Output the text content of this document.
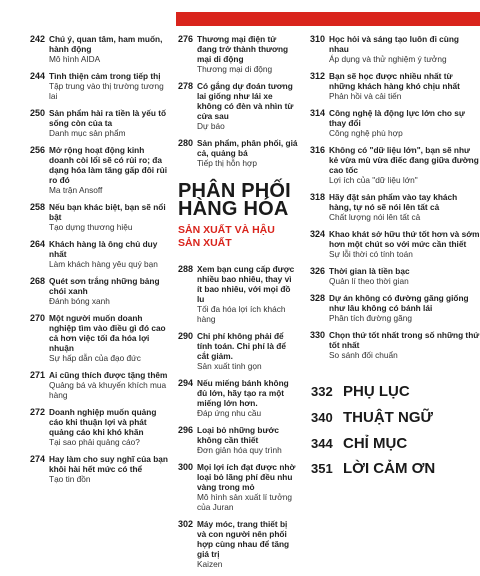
242 Chú ý, quan tâm, ham muốn, hành động
Mô hình AIDA
244 Tình thiện cảm trong tiếp thị
Tập trung vào thị trường tương lai
250 Sản phẩm hài ra tiền là yếu tố sống còn của ta
Danh mục sản phẩm
256 Mở rộng hoạt động kinh doanh còi lổi sẽ có rủi ro; đa dạng hóa làm tăng gấp đôi rủi ro đó
Ma trận Ansoff
258 Nếu bạn khác biệt, bạn sẽ nổi bật
Tạo dựng thương hiệu
264 Khách hàng là ông chủ duy nhất
Làm khách hàng yêu quý bạn
268 Quét sơn trắng những bảng chói xanh
Đánh bóng xanh
270 Một người muốn doanh nghiệp tìm vào điều gì đó cao cả hơn việc tối đa hóa lợi nhuận
Sự hấp dẫn của đạo đức
271 Ai cũng thích được tặng thêm
Quảng bá và khuyến khích mua hàng
272 Doanh nghiệp muốn quảng cáo khi thuận lợi và phát quảng cáo khi khó khăn
Tại sao phải quảng cáo?
274 Hay làm cho suy nghĩ của bạn khôi hài hết mức có thể
Tạo tin đồn
276 Thương mại điện tử đang trở thành thương mại di động
Thương mại di động
278 Có gắng dự đoán tương lai giống như lái xe không có đèn và nhìn từ cửa sau
Dự báo
280 Sản phẩm, phân phối, giá cả, quảng bá
Tiếp thị hỗn hợp
PHÂN PHỐI HÀNG HÓA
SẢN XUẤT VÀ HẬU SẢN XUẤT
288 Xem bạn cung cấp được nhiều bao nhiêu, thay vì ít bao nhiêu, với mọi đồ lu
Tối đa hóa lợi ích khách hàng
290 Chi phí không phải để tính toán. Chi phí là để cắt giảm.
Sản xuất tinh gọn
294 Nếu miếng bánh không đủ lớn, hãy tạo ra một miếng lớn hơn.
Đáp ứng nhu cầu
296 Loại bỏ những bước không cần thiết
Đơn giản hóa quy trình
300 Mọi lợi ích đạt được nhờ loại bỏ lãng phí đều nhu vàng trong mỏ
Mô hình sản xuất lí tưởng của Juran
302 Máy móc, trang thiết bị và con người nên phối hợp cùng nhau để tăng giá trị
Kaizen
310 Học hỏi và sáng tạo luôn đi cùng nhau
Áp dụng và thử nghiệm ý tưởng
312 Bạn sẽ học được nhiều nhất từ những khách hàng khó chịu nhất
Phản hồi và cải tiến
314 Công nghệ là động lực lớn cho sự thay đổi
Công nghệ phù hợp
316 Không có "dữ liệu lớn", bạn sẽ như kẻ vừa mù vừa điếc đang giữa đường cao tốc
Lợi ích của "dữ liệu lớn"
318 Hãy đặt sản phẩm vào tay khách hàng, tự nó sẽ nói lên tất cả
Chất lượng nói lên tất cả
324 Khao khát sở hữu thứ tốt hơn và sớm hơn một chút so với mức cần thiết
Sự lỗi thời có tính toán
326 Thời gian là tiền bạc
Quản lí theo thời gian
328 Dự án không có đường găng giống như lâu không có bánh lái
Phân tích đường găng
330 Chọn thứ tốt nhất trong số những thứ tốt nhất
So sánh đối chuẩn
332 PHỤ LỤC
340 THUẬT NGỮ
344 CHỈ MỤC
351 LỜI CẢM ƠN
